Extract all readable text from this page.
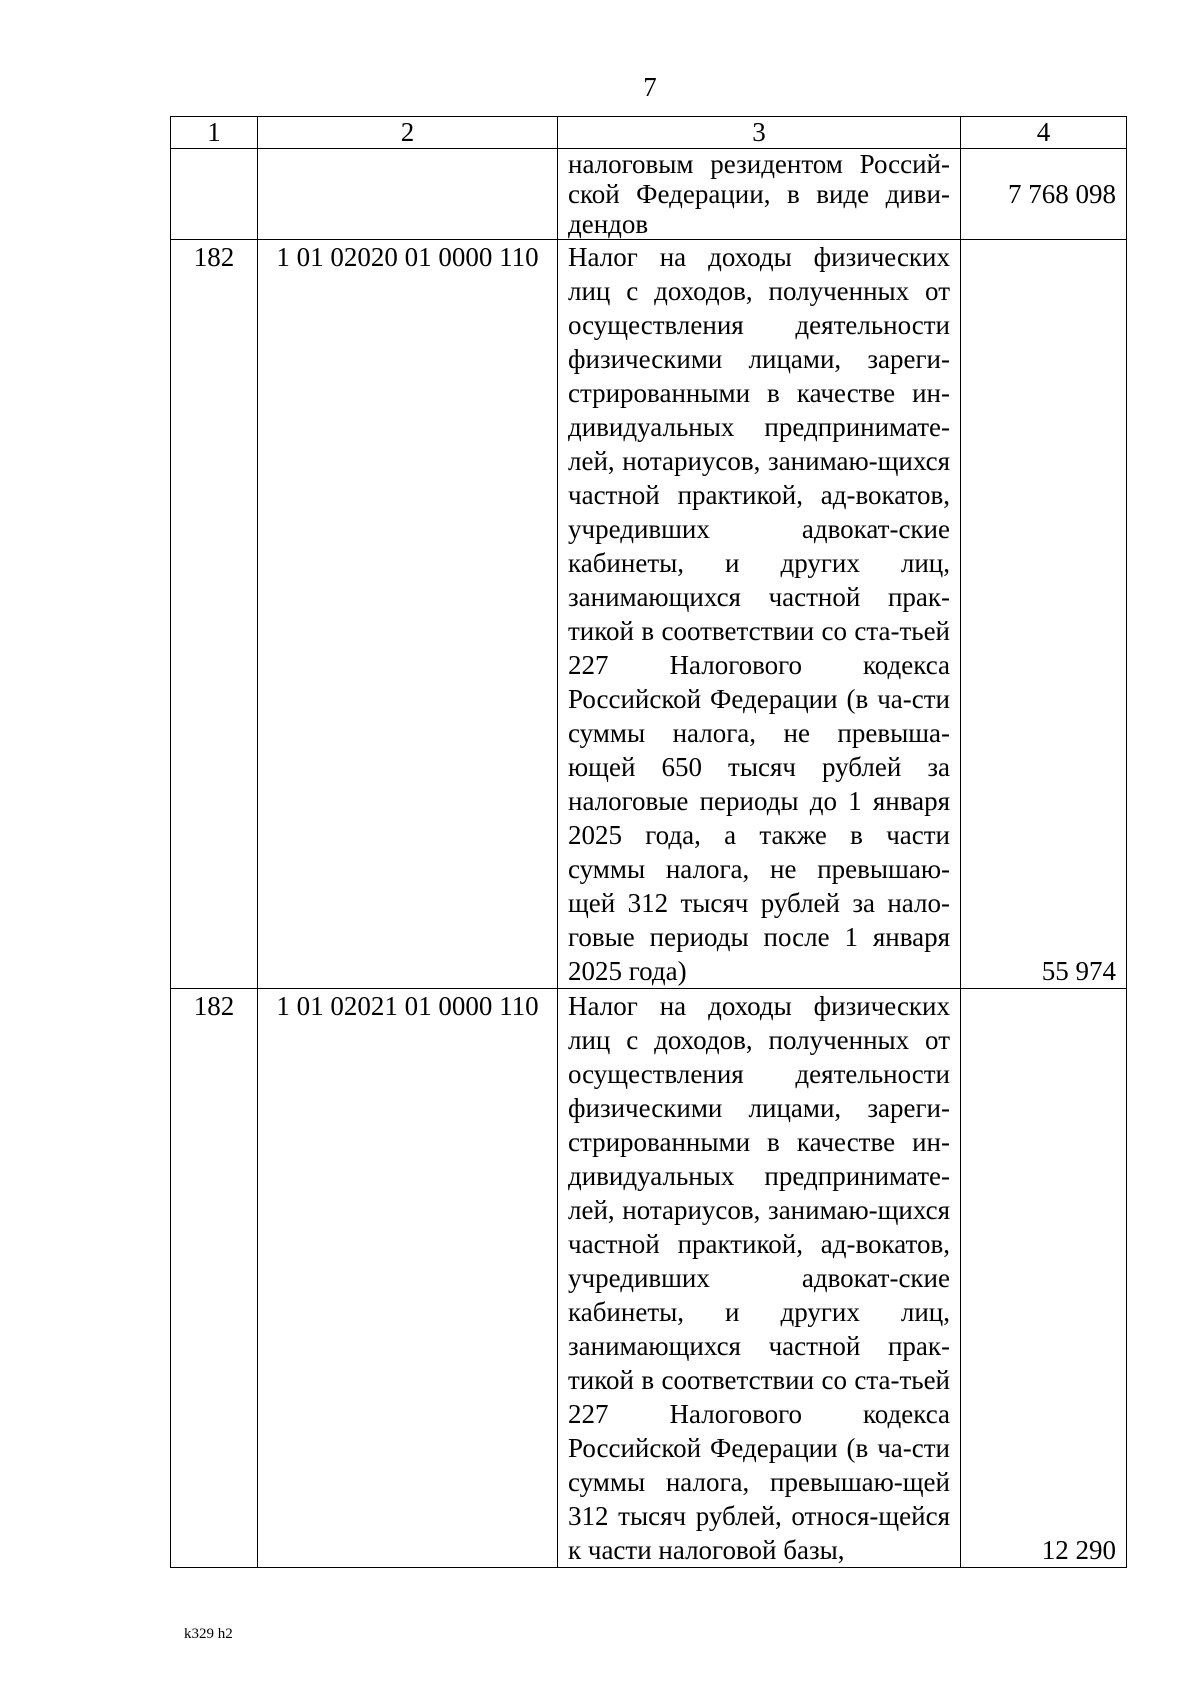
7
1	2	3	4
		налоговым резидентом Россий-ской Федерации, в виде диви-дендов	7 768 098
182	1 01 02020 01 0000 110	Налог на доходы физических лиц с доходов, полученных от осуществления деятельности физическими лицами, зареги-стрированными в качестве ин-дивидуальных предпринимате-лей, нотариусов, занимаю-щихся частной практикой, ад-вокатов, учредивших адвокат-ские кабинеты, и других лиц, занимающихся частной прак-тикой в соответствии со ста-тьей 227 Налогового кодекса Российской Федерации (в ча-сти суммы налога, не превыша-ющей 650 тысяч рублей за налоговые периоды до 1 января 2025 года, а также в части суммы налога, не превышаю-щей 312 тысяч рублей за нало-говые периоды после 1 января 2025 года)	55 974
182	1 01 02021 01 0000 110	Налог на доходы физических лиц с доходов, полученных от осуществления деятельности физическими лицами, зареги-стрированными в качестве ин-дивидуальных предпринимате-лей, нотариусов, занимаю-щихся частной практикой, ад-вокатов, учредивших адвокат-ские кабинеты, и других лиц, занимающихся частной прак-тикой в соответствии со ста-тьей 227 Налогового кодекса Российской Федерации (в ча-сти суммы налога, превышаю-щей 312 тысяч рублей, относя-щейся к части налоговой базы,	12 290
k329 h2
